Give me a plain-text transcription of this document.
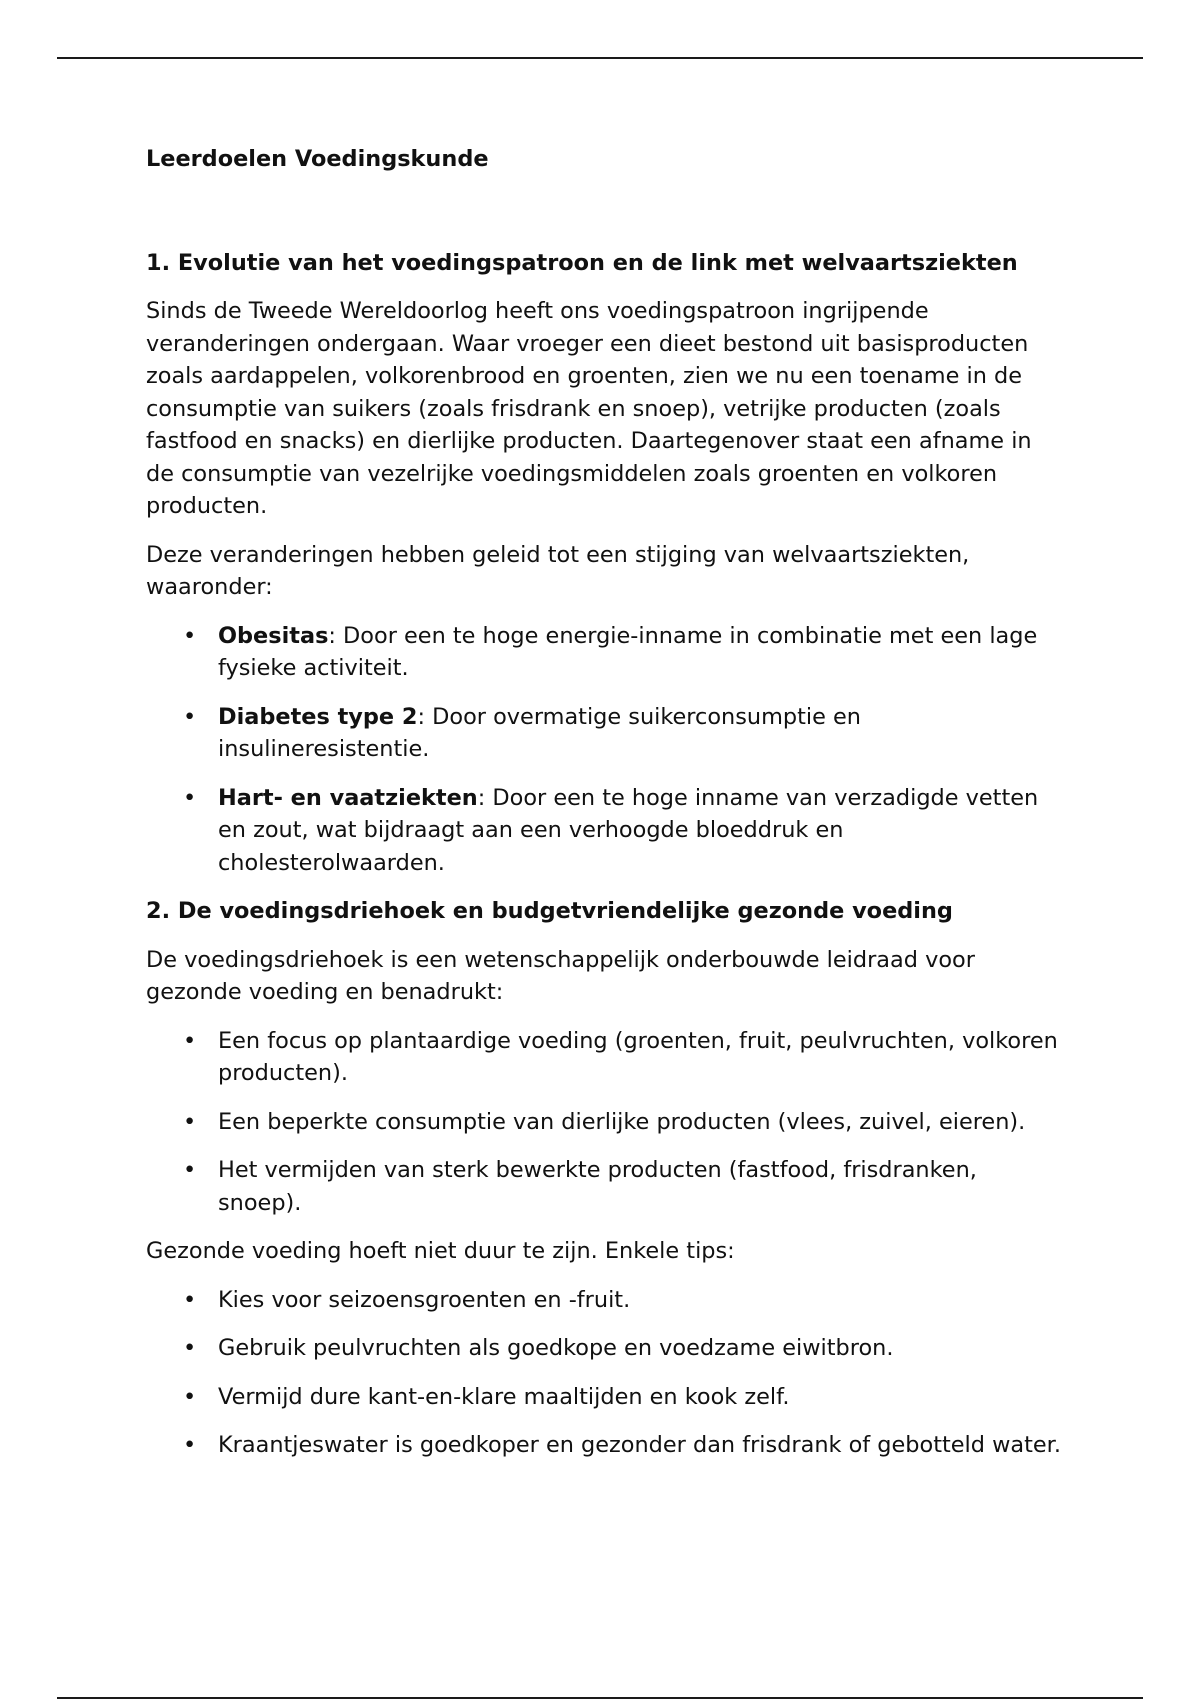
Leerdoelen Voedingskunde

1. Evolutie van het voedingspatroon en de link met welvaartsziekten

Sinds de Tweede Wereldoorlog heeft ons voedingspatroon ingrijpende veranderingen ondergaan. Waar vroeger een dieet bestond uit basisproducten zoals aardappelen, volkorenbrood en groenten, zien we nu een toename in de consumptie van suikers (zoals frisdrank en snoep), vetrijke producten (zoals fastfood en snacks) en dierlijke producten. Daartegenover staat een afname in de consumptie van vezelrijke voedingsmiddelen zoals groenten en volkoren producten.

Deze veranderingen hebben geleid tot een stijging van welvaartsziekten, waaronder:

• Obesitas: Door een te hoge energie-inname in combinatie met een lage fysieke activiteit.
• Diabetes type 2: Door overmatige suikerconsumptie en insulineresistentie.
• Hart- en vaatziekten: Door een te hoge inname van verzadigde vetten en zout, wat bijdraagt aan een verhoogde bloeddruk en cholesterolwaarden.

2. De voedingsdriehoek en budgetvriendelijke gezonde voeding

De voedingsdriehoek is een wetenschappelijk onderbouwde leidraad voor gezonde voeding en benadrukt:

• Een focus op plantaardige voeding (groenten, fruit, peulvruchten, volkoren producten).
• Een beperkte consumptie van dierlijke producten (vlees, zuivel, eieren).
• Het vermijden van sterk bewerkte producten (fastfood, frisdranken, snoep).

Gezonde voeding hoeft niet duur te zijn. Enkele tips:

• Kies voor seizoensgroenten en -fruit.
• Gebruik peulvruchten als goedkope en voedzame eiwitbron.
• Vermijd dure kant-en-klare maaltijden en kook zelf.
• Kraantjeswater is goedkoper en gezonder dan frisdrank of gebotteld water.
